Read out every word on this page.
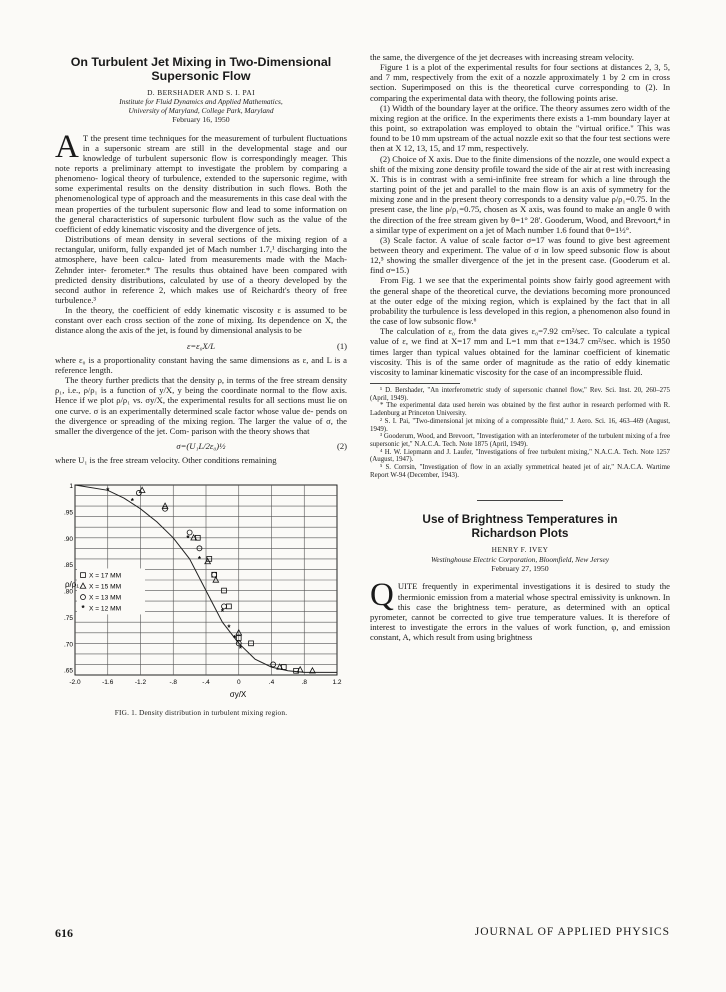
On Turbulent Jet Mixing in Two-Dimensional Supersonic Flow
D. BERSHADER AND S. I. PAI
Institute for Fluid Dynamics and Applied Mathematics,
University of Maryland, College Park, Maryland
February 16, 1950

A T the present time techniques for the measurement of turbulent fluctuations in a supersonic stream are still in the developmental stage and our knowledge of turbulent supersonic flow is correspondingly meager. This note reports a preliminary attempt to investigate the problem by comparing a phenomeno- logical theory of turbulence, extended to the supersonic regime, with some experimental results on the density distribution in such flows. Both the phenomenological type of approach and the measurements in this case deal with the mean properties of the turbulent supersonic flow and lead to some information on the general characteristics of supersonic turbulent flow such as the value of the coefficient of eddy kinematic viscosity and the divergence of jets.

Distributions of mean density in several sections of the mixing region of a rectangular, uniform, fully expanded jet of Mach number 1.7,¹ discharging into the atmosphere, have been calcu- lated from measurements made with the Mach-Zehnder inter- ferometer.* The results thus obtained have been compared with predicted density distributions, calculated by use of a theory developed by the second author in reference 2, which makes use of Reichardt's theory of free turbulence.³

In the theory, the coefficient of eddy kinematic viscosity ε is assumed to be constant over each cross section of the zone of mixing. Its dependence on X, the distance along the axis of the jet, is found by dimensional analysis to be

ε=ε₀X/L	(1)

where ε₀ is a proportionality constant having the same dimensions as ε, and L is a reference length.

The theory further predicts that the density ρ, in terms of the free stream density ρ₁, i.e., ρ/ρ₁ is a function of y/X, y being the coordinate normal to the flow axis. Hence if we plot ρ/ρ₁ vs. σy/X, the experimental results for all sections must lie on one curve. σ is an experimentally determined scale factor whose value de- pends on the divergence or spreading of the mixing region. The larger the value of σ, the smaller the divergence of the jet. Com- parison with the theory shows that

σ=(U₁L/2ε₀)½	(2)

where U₁ is the free stream velocity. Other conditions remaining

1
.95
.90
.85
.80
.75
.70
.65
-2.0	-1.6	-1.2	-.8	-.4	0	.4	.8	1.2
*
*
*
*
*
*
*
*
X = 17 MM
X = 15 MM
X = 13 MM
* X = 12 MM
ρ/ρ₁
σy/X
FIG. 1. Density distribution in turbulent mixing region.

the same, the divergence of the jet decreases with increasing stream velocity.

Figure 1 is a plot of the experimental results for four sections at distances 2, 3, 5, and 7 mm, respectively from the exit of a nozzle approximately 1 by 2 cm in cross section. Superimposed on this is the theoretical curve corresponding to (2). In comparing the experimental data with theory, the following points arise.

(1) Width of the boundary layer at the orifice. The theory assumes zero width of the mixing region at the orifice. In the experiments there exists a 1-mm boundary layer at this point, so extrapolation was employed to obtain the "virtual orifice." This was found to be 10 mm upstream of the actual nozzle exit so that the four test sections were then at X 12, 13, 15, and 17 mm, respectively.

(2) Choice of X axis. Due to the finite dimensions of the nozzle, one would expect a shift of the mixing zone density profile toward the side of the air at rest with increasing X. This is in contrast with a semi-infinite free stream for which a line through the starting point of the jet and parallel to the main flow is an axis of symmetry for the mixing zone and in the present theory corresponds to a density value ρ/ρ₁=0.75. In the present case, the line ρ/ρ₁=0.75, chosen as X axis, was found to make an angle θ with the direction of the free stream given by θ=1° 28'. Gooderum, Wood, and Brevoort,⁴ in a similar type of experiment on a jet of Mach number 1.6 found that θ=1½°.

(3) Scale factor. A value of scale factor σ=17 was found to give best agreement between theory and experiment. The value of σ in low speed subsonic flow is about 12,⁵ showing the smaller divergence of the jet in the present case. (Gooderum et al. find σ=15.)

From Fig. 1 we see that the experimental points show fairly good agreement with the general shape of the theoretical curve, the deviations becoming more pronounced at the outer edge of the mixing region, which is explained by the fact that in all probability the turbulence is less developed in this region, a phenomenon also found in the case of low subsonic flow.⁶

The calculation of ε₀ from the data gives ε₀=7.92 cm²/sec. To calculate a typical value of ε, we find at X=17 mm and L=1 mm that ε=134.7 cm²/sec. which is 1950 times larger than typical values obtained for the laminar coefficient of kinematic viscosity. This is of the same order of magnitude as the ratio of eddy kinematic viscosity to laminar kinematic viscosity for the case of an incompressible fluid.

¹ D. Bershader, "An interferometric study of supersonic channel flow," Rev. Sci. Inst. 20, 260–275 (April, 1949).

* The experimental data used herein was obtained by the first author in research performed with R. Ladenburg at Princeton University.

² S. I. Pai, "Two-dimensional jet mixing of a compressible fluid," J. Aero. Sci. 16, 463–469 (August, 1949).

³ Gooderum, Wood, and Brevoort, "Investigation with an interferometer of the turbulent mixing of a free supersonic jet," N.A.C.A. Tech. Note 1875 (April, 1949).

⁴ H. W. Liepmann and J. Laufer, "Investigations of free turbulent mixing," N.A.C.A. Tech. Note 1257 (August, 1947).

⁵ S. Corrsin, "Investigation of flow in an axially symmetrical heated jet of air," N.A.C.A. Wartime Report W-94 (December, 1943).

Use of Brightness Temperatures in
Richardson Plots
HENRY F. IVEY
Westinghouse Electric Corporation, Bloomfield, New Jersey
February 27, 1950

QUITE frequently in experimental investigations it is desired to study the thermionic emission from a material whose spectral emissivity is unknown. In this case the brightness tem- perature, as determined with an optical pyrometer, cannot be corrected to give true temperature values. It is therefore of interest to investigate the errors in the values of work function, φ, and emission constant, A, which result from using brightness

616	JOURNAL OF APPLIED PHYSICS
